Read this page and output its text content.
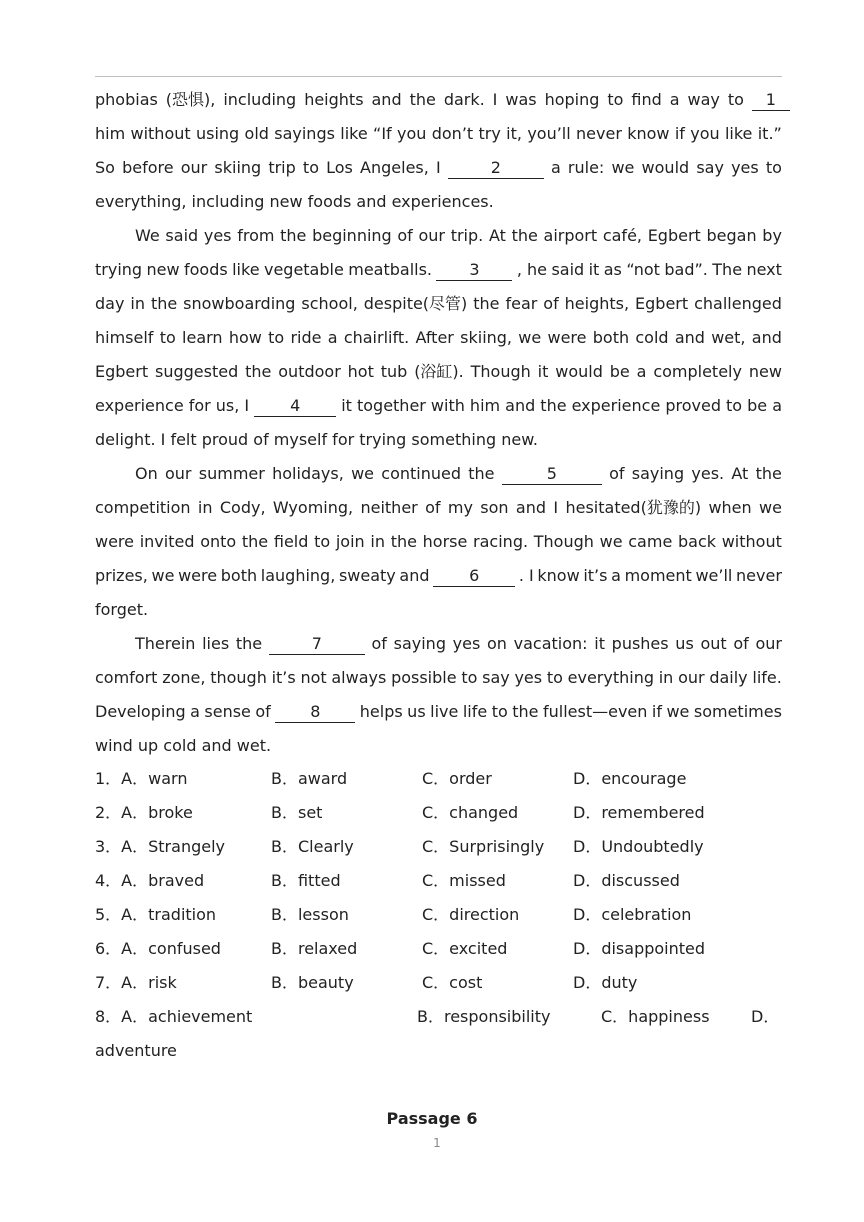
phobias (恐惧), including heights and the dark. I was hoping to find a way to	1
him without using old sayings like “If you don’t try it, you’ll never know if you like it.”
So before our skiing trip to Los Angeles, I	2	a rule: we would say yes to
everything, including new foods and experiences.
We said yes from the beginning of our trip. At the airport café, Egbert began by
trying new foods like vegetable meatballs.	3	, he said it as “not bad”. The next
day in the snowboarding school, despite(尽管) the fear of heights, Egbert challenged
himself to learn how to ride a chairlift. After skiing, we were both cold and wet, and
Egbert suggested the outdoor hot tub (浴缸). Though it would be a completely new
experience for us, I	4	it together with him and the experience proved to be a
delight. I felt proud of myself for trying something new.
On our summer holidays, we continued the	5	of saying yes. At the
competition in Cody, Wyoming, neither of my son and I hesitated(犹豫的) when we
were invited onto the field to join in the horse racing. Though we came back without
prizes, we were both laughing, sweaty and	6	. I know it’s a moment we’ll never
forget.
Therein lies the	7	of saying yes on vacation: it pushes us out of our
comfort zone, though it’s not always possible to say yes to everything in our daily life.
Developing a sense of	8	helps us live life to the fullest—even if we sometimes
wind up cold and wet.
1．A．warn	B．award	C．order	D．encourage
2．A．broke	B．set	C．changed	D．remembered
3．A．Strangely	B．Clearly	C．Surprisingly D．Undoubtedly
4．A．braved	B．fitted	C．missed	D．discussed
5．A．tradition	B．lesson	C．direction	D．celebration
6．A．confused	B．relaxed	C．excited	D．disappointed
7．A．risk	B．beauty	C．cost	D．duty
8．A．achievement	B．responsibility	C．happiness	D．
adventure
Passage 6
1
